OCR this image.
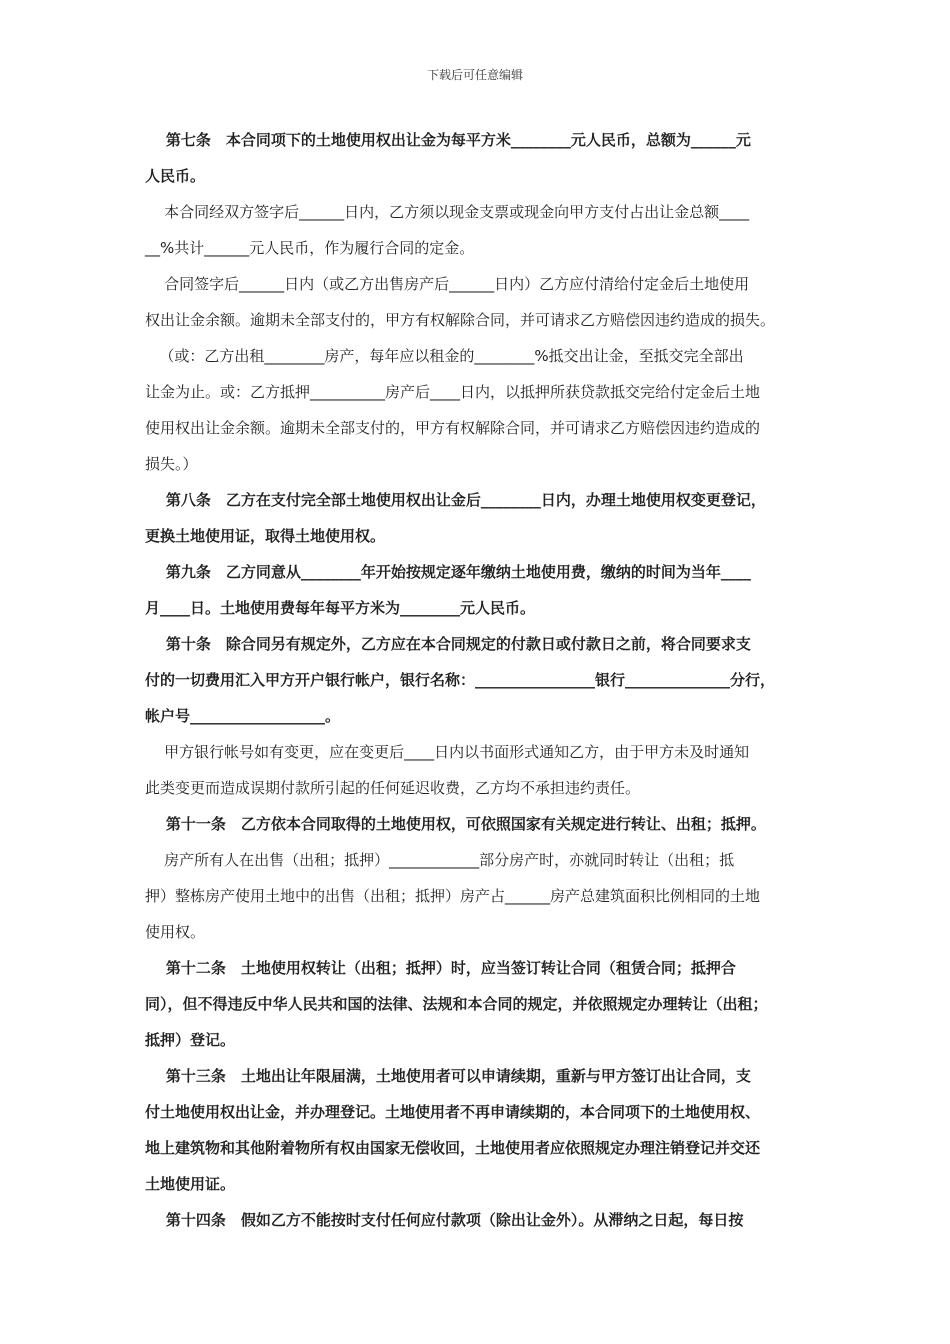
下载后可任意编辑
第七条　本合同项下的土地使用权出让金为每平方米________元人民币，总额为______元
人民币。
本合同经双方签字后______日内，乙方须以现金支票或现金向甲方支付占出让金总额____
__%共计______元人民币，作为履行合同的定金。
合同签字后______日内（或乙方出售房产后______日内）乙方应付清给付定金后土地使用
权出让金余额。逾期未全部支付的，甲方有权解除合同，并可请求乙方赔偿因违约造成的损失。
（或：乙方出租________房产，每年应以租金的________%抵交出让金，至抵交完全部出
让金为止。或：乙方抵押__________房产后____日内，以抵押所获贷款抵交完给付定金后土地
使用权出让金余额。逾期未全部支付的，甲方有权解除合同，并可请求乙方赔偿因违约造成的
损失。）
第八条　乙方在支付完全部土地使用权出让金后________日内，办理土地使用权变更登记，
更换土地使用证，取得土地使用权。
第九条　乙方同意从________年开始按规定逐年缴纳土地使用费，缴纳的时间为当年____
月____日。土地使用费每年每平方米为________元人民币。
第十条　除合同另有规定外，乙方应在本合同规定的付款日或付款日之前，将合同要求支
付的一切费用汇入甲方开户银行帐户，银行名称：________________银行______________分行，
帐户号__________________。
甲方银行帐号如有变更，应在变更后____日内以书面形式通知乙方，由于甲方未及时通知
此类变更而造成误期付款所引起的任何延迟收费，乙方均不承担违约责任。
第十一条　乙方依本合同取得的土地使用权，可依照国家有关规定进行转让、出租；抵押。
房产所有人在出售（出租；抵押）____________部分房产时，亦就同时转让（出租；抵
押）整栋房产使用土地中的出售（出租；抵押）房产占______房产总建筑面积比例相同的土地
使用权。
第十二条　土地使用权转让（出租；抵押）时，应当签订转让合同（租赁合同；抵押合
同），但不得违反中华人民共和国的法律、法规和本合同的规定，并依照规定办理转让（出租；
抵押）登记。
第十三条　土地出让年限届满，土地使用者可以申请续期，重新与甲方签订出让合同，支
付土地使用权出让金，并办理登记。土地使用者不再申请续期的，本合同项下的土地使用权、
地上建筑物和其他附着物所有权由国家无偿收回，土地使用者应依照规定办理注销登记并交还
土地使用证。
第十四条　假如乙方不能按时支付任何应付款项（除出让金外）。从滞纳之日起，每日按
